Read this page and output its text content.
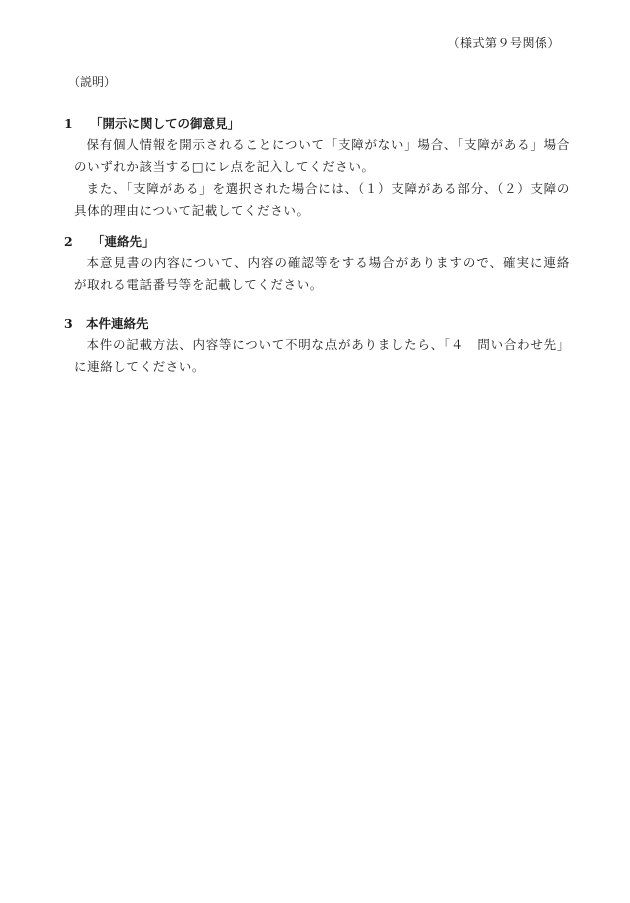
（様式第９号関係）
（説明）
1	「開示に関しての御意見」

保有個人情報を開示されることについて「支障がない」場合、「支障がある」場合のいずれか該当する□にレ点を記入してください。

また、「支障がある」を選択された場合には、（１）支障がある部分、（２）支障の具体的理由について記載してください。

2	「連絡先」

本意見書の内容について、内容の確認等をする場合がありますので、確実に連絡が取れる電話番号等を記載してください。

3	本件連絡先

本件の記載方法、内容等について不明な点がありましたら、「４　問い合わせ先」に連絡してください。
